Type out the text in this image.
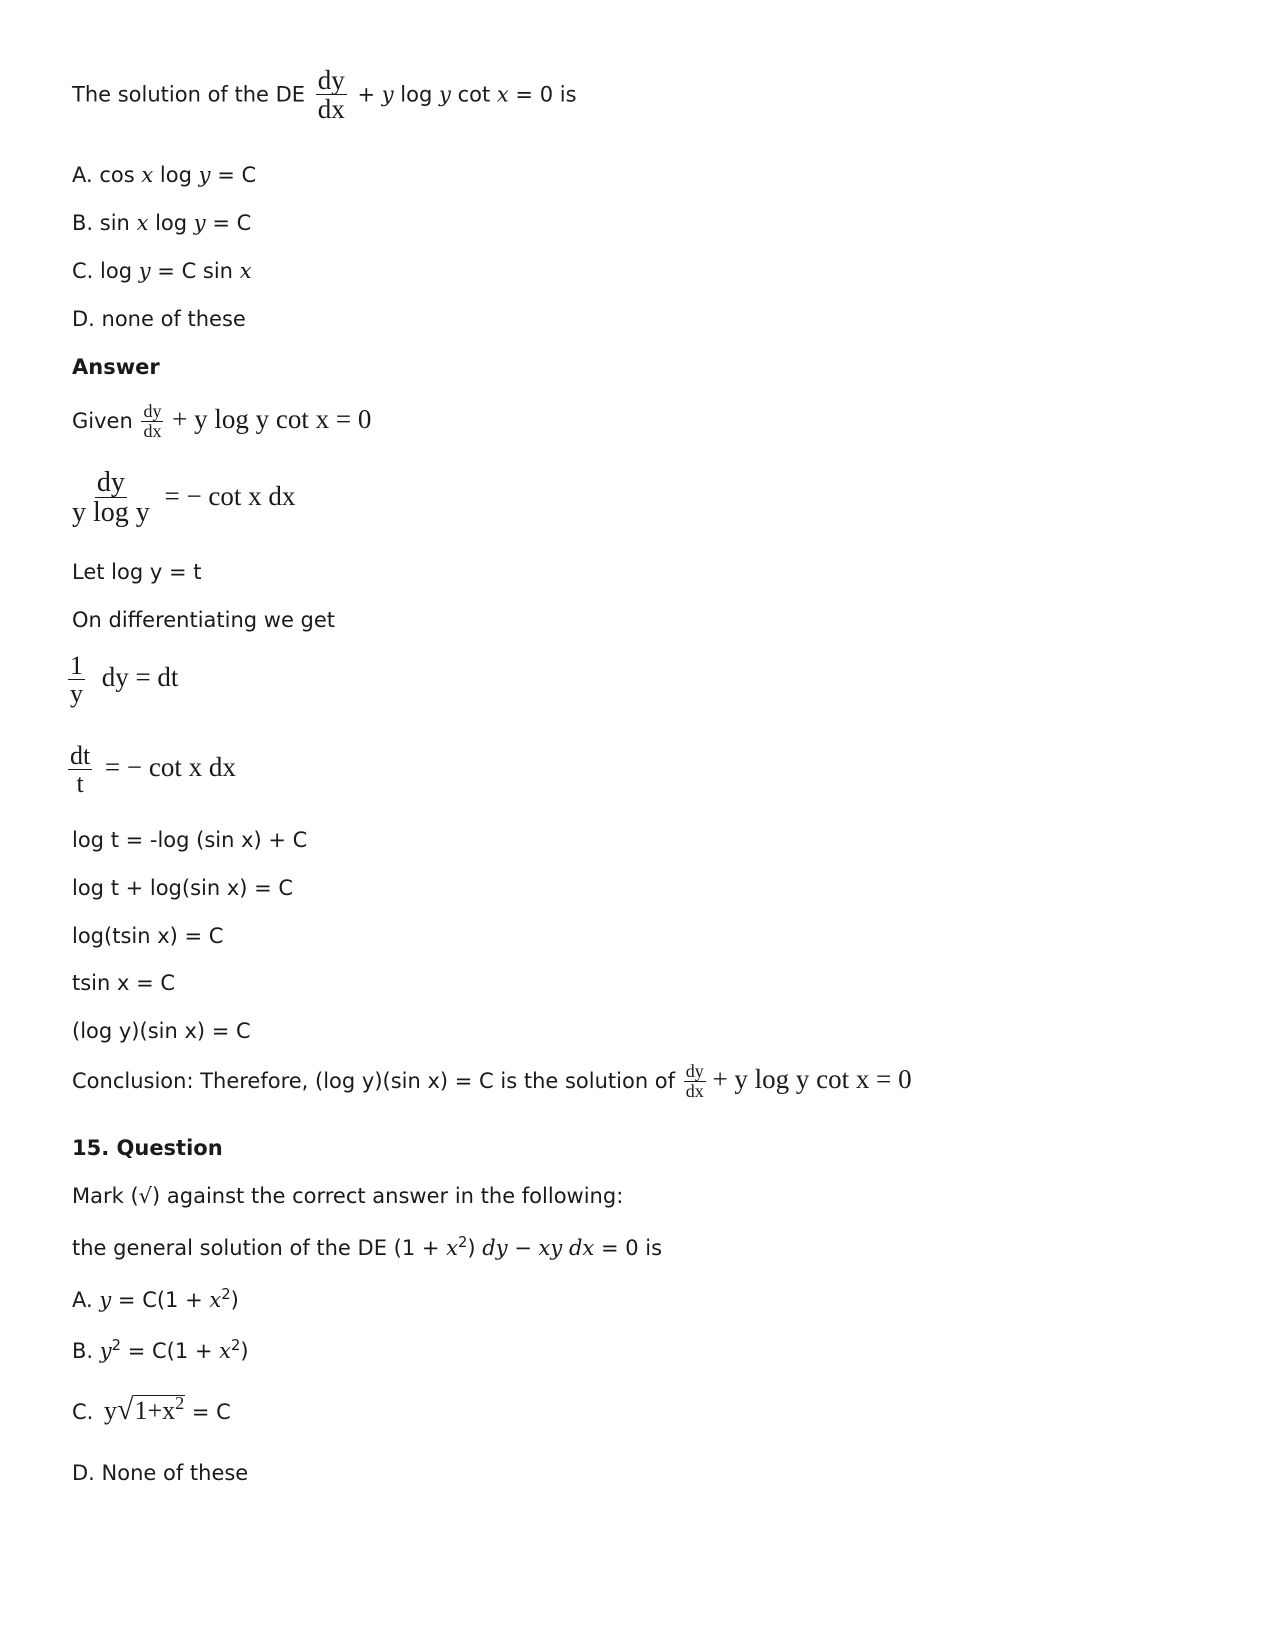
The solution of the DE $\frac{dy}{dx} + y$ log y cot x = 0 is
A. cos x log y = C
B. sin x log y = C
C. log y = C sin x
D. none of these
Answer
Given $\frac{dy}{dx} + y$ log y cot x = 0
$\frac{dy}{\text{y log y}}$ = − cot x dx
Let log y = t
On differentiating we get
$\frac{1}{y}$ dy = dt
$\frac{dt}{t}$ = − cot x dx
log t = -log (sin x) + C
log t + log(sin x) = C
log(tsin x) = C
tsin x = C
(log y)(sin x) = C
Conclusion: Therefore, (log y)(sin x) = C is the solution of $\frac{dy}{dx} + y$ log y cot x = 0
15. Question
Mark (√) against the correct answer in the following:
the general solution of the DE $(1 + x^2)$ dy − xy dx = 0 is
A. $y = C(1 + x^2)$
B. $y^2 = C(1 + x^2)$
C. $y√1+x^2 = C$
D. None of these
